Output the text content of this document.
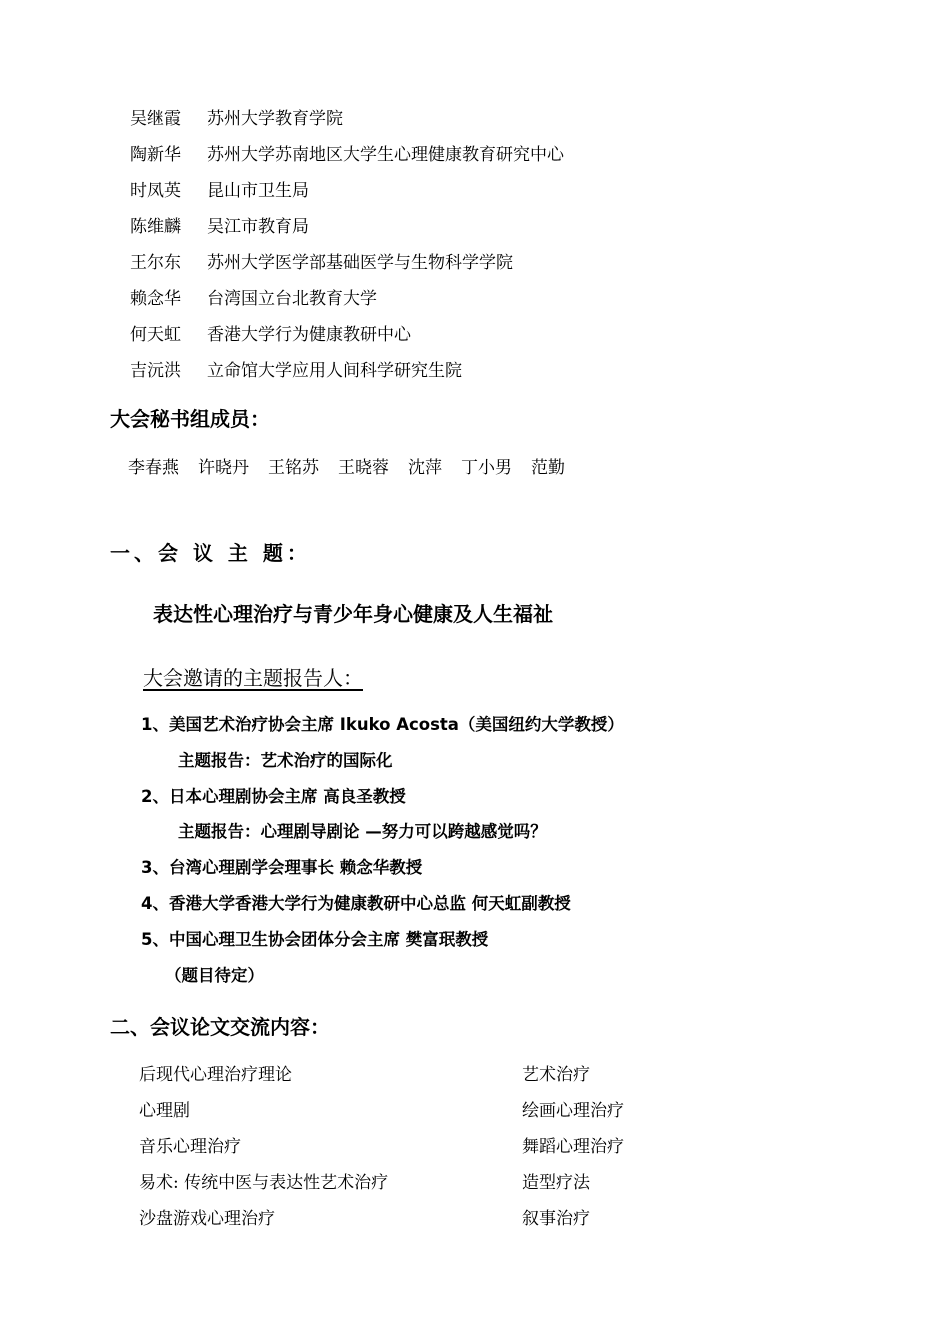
吴继霞 苏州大学教育学院
陶新华 苏州大学苏南地区大学生心理健康教育研究中心
时凤英 昆山市卫生局
陈维麟 吴江市教育局
王尔东 苏州大学医学部基础医学与生物科学学院
赖念华 台湾国立台北教育大学
何天虹 香港大学行为健康教研中心
吉沅洪 立命馆大学应用人间科学研究生院
大会秘书组成员：
李春燕 许晓丹 王铭苏 王晓蓉 沈萍 丁小男 范勤
一、会 议 主 题：
表达性心理治疗与青少年身心健康及人生福祉
大会邀请的主题报告人：
1、美国艺术治疗协会主席 Ikuko Acosta（美国纽约大学教授）
主题报告：艺术治疗的国际化
2、日本心理剧协会主席 高良圣教授
主题报告：心理剧导剧论 —努力可以跨越感觉吗？
3、台湾心理剧学会理事长 赖念华教授
4、香港大学香港大学行为健康教研中心总监 何天虹副教授
5、中国心理卫生协会团体分会主席 樊富珉教授
（题目待定）
二、会议论文交流内容：
后现代心理治疗理论
心理剧
音乐心理治疗
易术: 传统中医与表达性艺术治疗
沙盘游戏心理治疗
艺术治疗
绘画心理治疗
舞蹈心理治疗
造型疗法
叙事治疗
